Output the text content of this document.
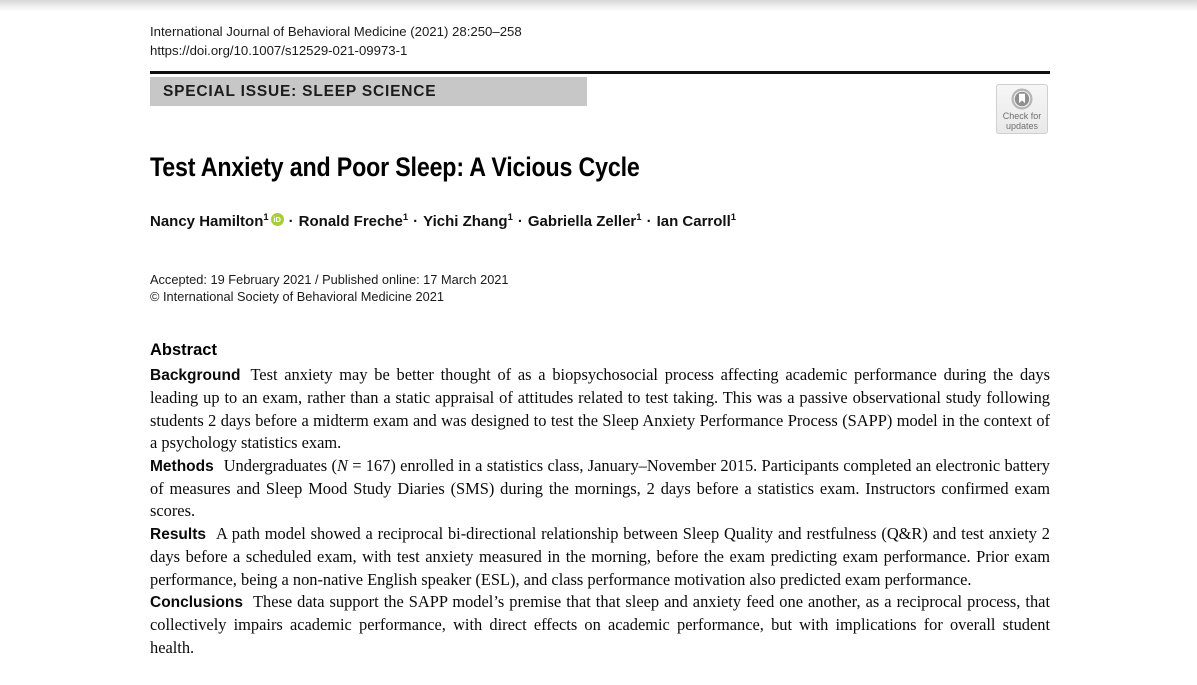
International Journal of Behavioral Medicine (2021) 28:250–258
https://doi.org/10.1007/s12529-021-09973-1
SPECIAL ISSUE: SLEEP SCIENCE
Check for
updates
Test Anxiety and Poor Sleep: A Vicious Cycle
Nancy Hamilton$^1$ iD · Ronald Freche$^1$ · Yichi Zhang$^1$ · Gabriella Zeller$^1$ · Ian Carroll$^1$
Accepted: 19 February 2021 / Published online: 17 March 2021
© International Society of Behavioral Medicine 2021
Abstract

Background Test anxiety may be better thought of as a biopsychosocial process affecting academic performance during the days leading up to an exam, rather than a static appraisal of attitudes related to test taking. This was a passive observational study following students 2 days before a midterm exam and was designed to test the Sleep Anxiety Performance Process (SAPP) model in the context of a psychology statistics exam.

Methods Undergraduates (N = 167) enrolled in a statistics class, January–November 2015. Participants completed an electronic battery of measures and Sleep Mood Study Diaries (SMS) during the mornings, 2 days before a statistics exam. Instructors confirmed exam scores.

Results A path model showed a reciprocal bi-directional relationship between Sleep Quality and restfulness (Q&R) and test anxiety 2 days before a scheduled exam, with test anxiety measured in the morning, before the exam predicting exam performance. Prior exam performance, being a non-native English speaker (ESL), and class performance motivation also predicted exam performance.

Conclusions These data support the SAPP model’s premise that that sleep and anxiety feed one another, as a reciprocal process, that collectively impairs academic performance, with direct effects on academic performance, but with implications for overall student health.
